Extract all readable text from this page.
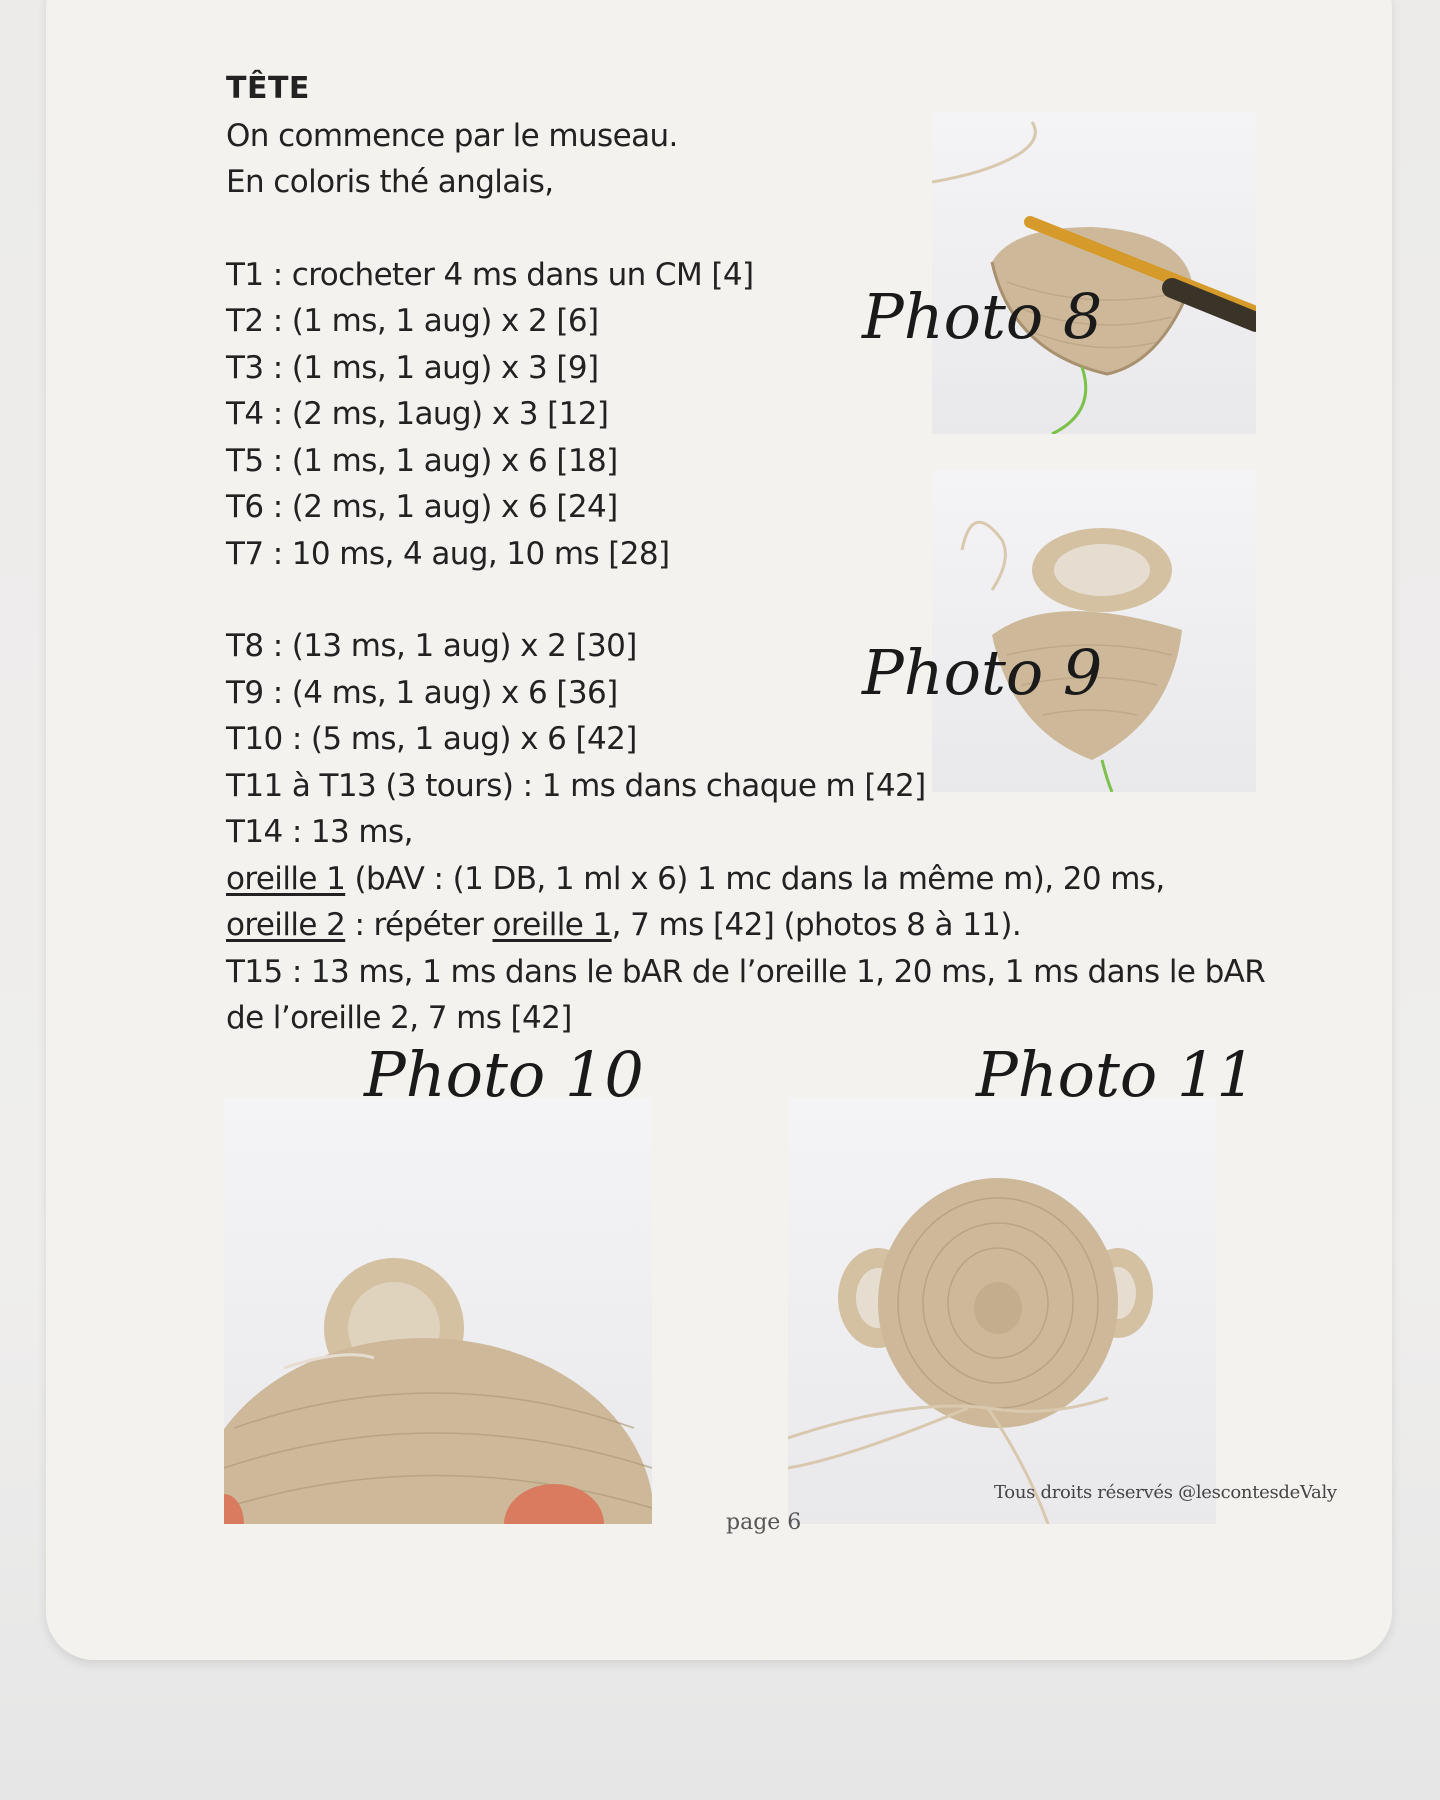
TÊTE
On commence par le museau.
En coloris thé anglais,
T1 : crocheter 4 ms dans un CM [4]
T2 : (1 ms, 1 aug) x 2 [6]
T3 : (1 ms, 1 aug) x 3 [9]
T4 : (2 ms, 1aug) x 3 [12]
T5 : (1 ms, 1 aug) x 6 [18]
T6 : (2 ms, 1 aug) x 6 [24]
T7 : 10 ms, 4 aug, 10 ms [28]
T8 : (13 ms, 1 aug) x 2 [30]
T9 : (4 ms, 1 aug) x 6 [36]
T10 : (5 ms, 1 aug) x 6 [42]
T11 à T13 (3 tours) : 1 ms dans chaque m [42]
T14 : 13 ms,
oreille 1 (bAV : (1 DB, 1 ml x 6) 1 mc dans la même m), 20 ms,
oreille 2 : répéter oreille 1, 7 ms [42] (photos 8 à 11).
T15 : 13 ms, 1 ms dans le bAR de l’oreille 1, 20 ms, 1 ms dans le bAR
de l’oreille 2, 7 ms [42]
Photo 8
Photo 9
Photo 10	Photo 11
Tous droits réservés @lescontesdeValy
page 6
